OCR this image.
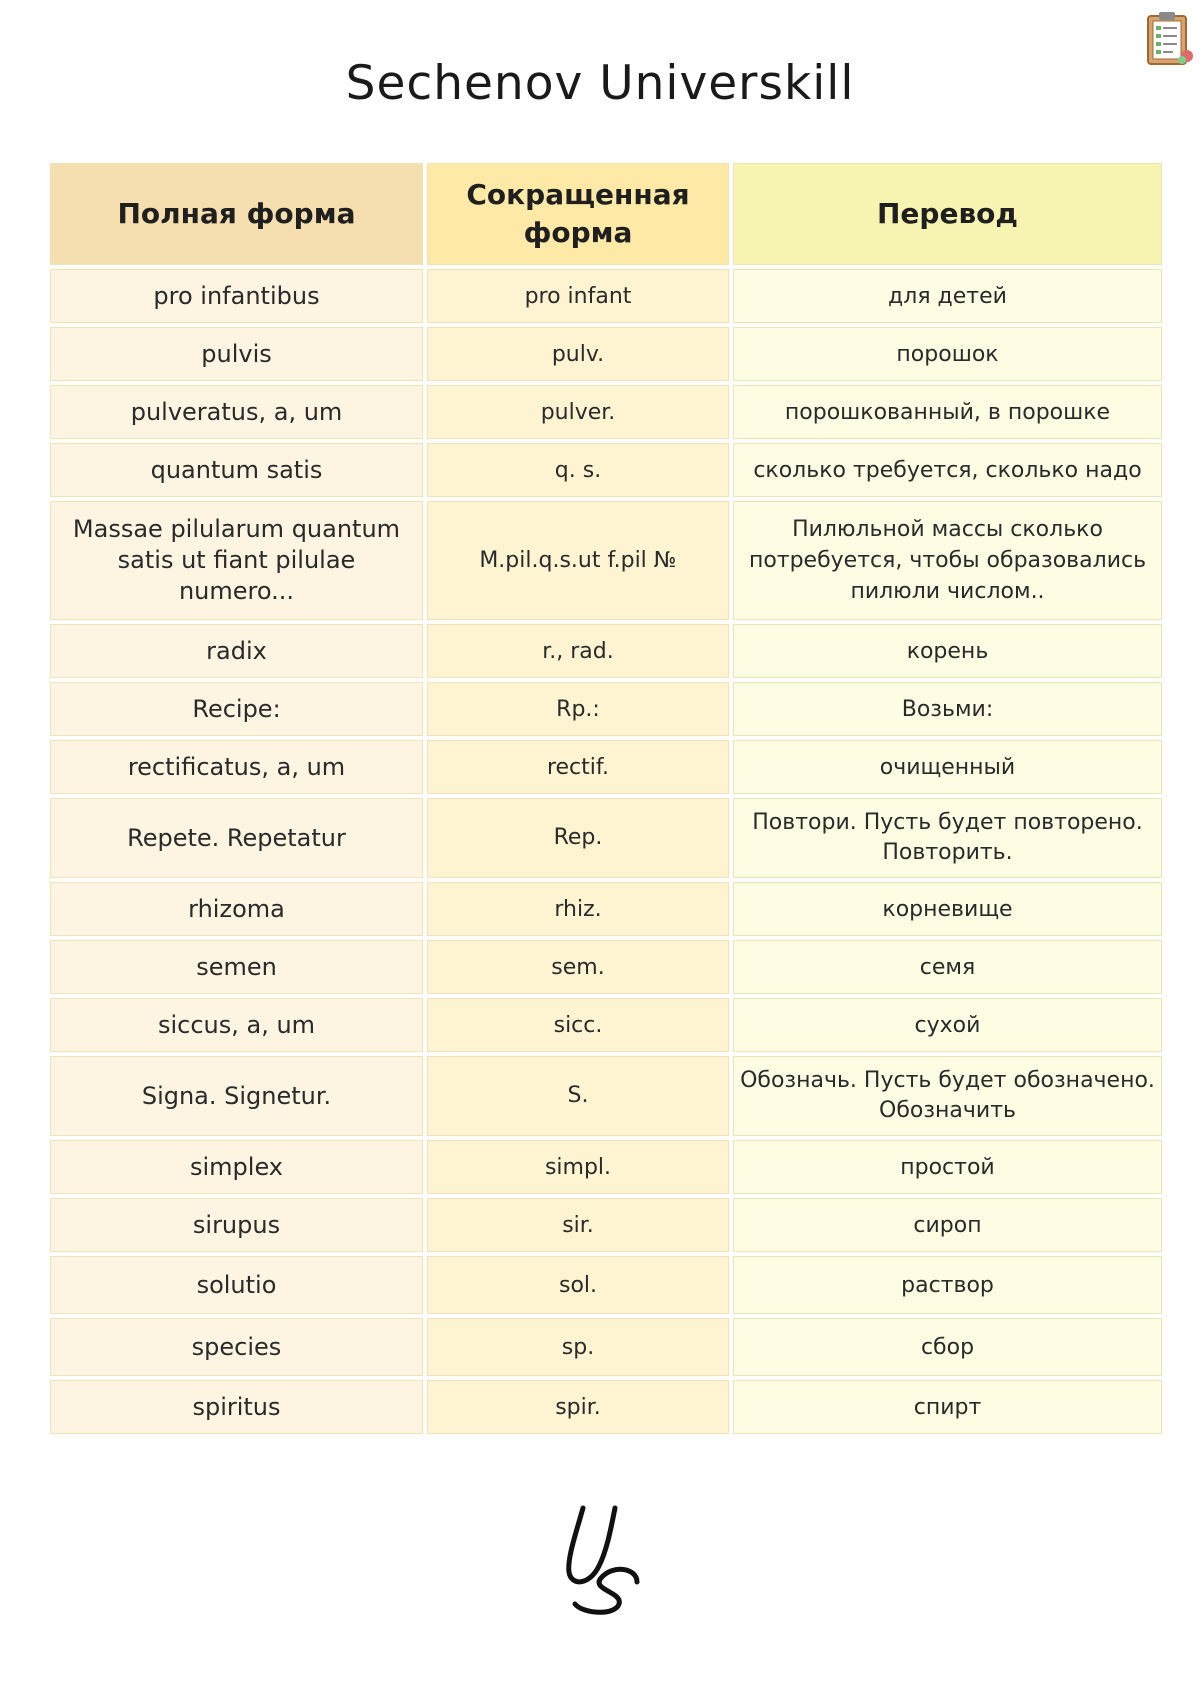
Sechenov Universkill
Полная форма	Сокращенная форма	Перевод
pro infantibus	pro infant	для детей
pulvis	pulv.	порошок
pulveratus, a, um	pulver.	порошкованный, в порошке
quantum satis	q. s.	сколько требуется, сколько надо
Massae pilularum quantum satis ut fiant pilulae numero...	M.pil.q.s.ut f.pil №	Пилюльной массы сколько потребуется, чтобы образовались пилюли числом..
radix	r., rad.	корень
Recipe:	Rp.:	Возьми:
rectificatus, a, um	rectif.	очищенный
Repete. Repetatur	Rep.	Повтори. Пусть будет повторено. Повторить.
rhizoma	rhiz.	корневище
semen	sem.	семя
siccus, a, um	sicc.	сухой
Signa. Signetur.	S.	Обозначь. Пусть будет обозначено. Обозначить
simplex	simpl.	простой
sirupus	sir.	сироп
solutio	sol.	раствор
species	sp.	сбор
spiritus	spir.	спирт
